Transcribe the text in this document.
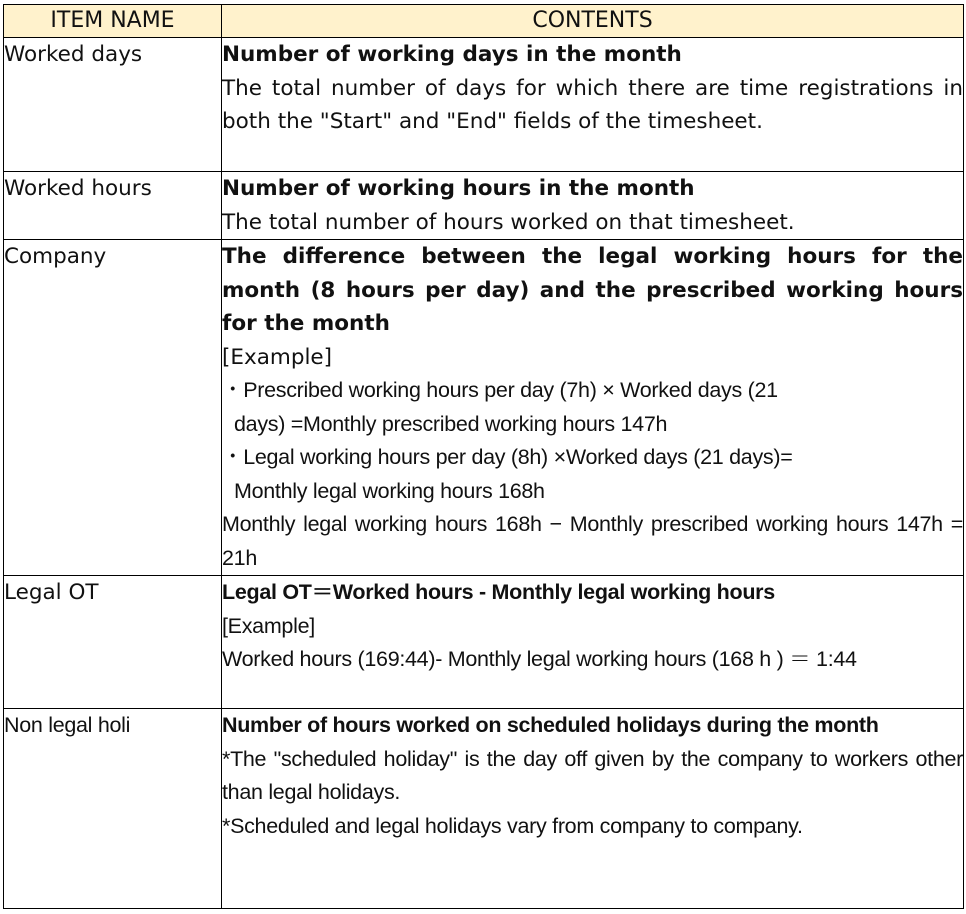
ITEM NAME	CONTENTS
Worked days	Number of working days in the month
The total number of days for which there are time registrations in both the "Start" and "End" fields of the timesheet.

Worked hours	Number of working hours in the month
The total number of hours worked on that timesheet.

Company	The difference between the legal working hours for the month (8 hours per day) and the prescribed working hours for the month
[Example]
・Prescribed working hours per day (7h) × Worked days (21
days) =Monthly prescribed working hours 147h
・Legal working hours per day (8h) ×Worked days (21 days)=
Monthly legal working hours 168h
Monthly legal working hours 168h − Monthly prescribed working hours 147h = 21h

Legal OT	Legal OT＝Worked hours - Monthly legal working hours
[Example]
Worked hours (169:44)- Monthly legal working hours (168 h ) ＝ 1:44

Non legal holi	Number of hours worked on scheduled holidays during the month
*The "scheduled holiday" is the day off given by the company to workers other than legal holidays.
*Scheduled and legal holidays vary from company to company.
